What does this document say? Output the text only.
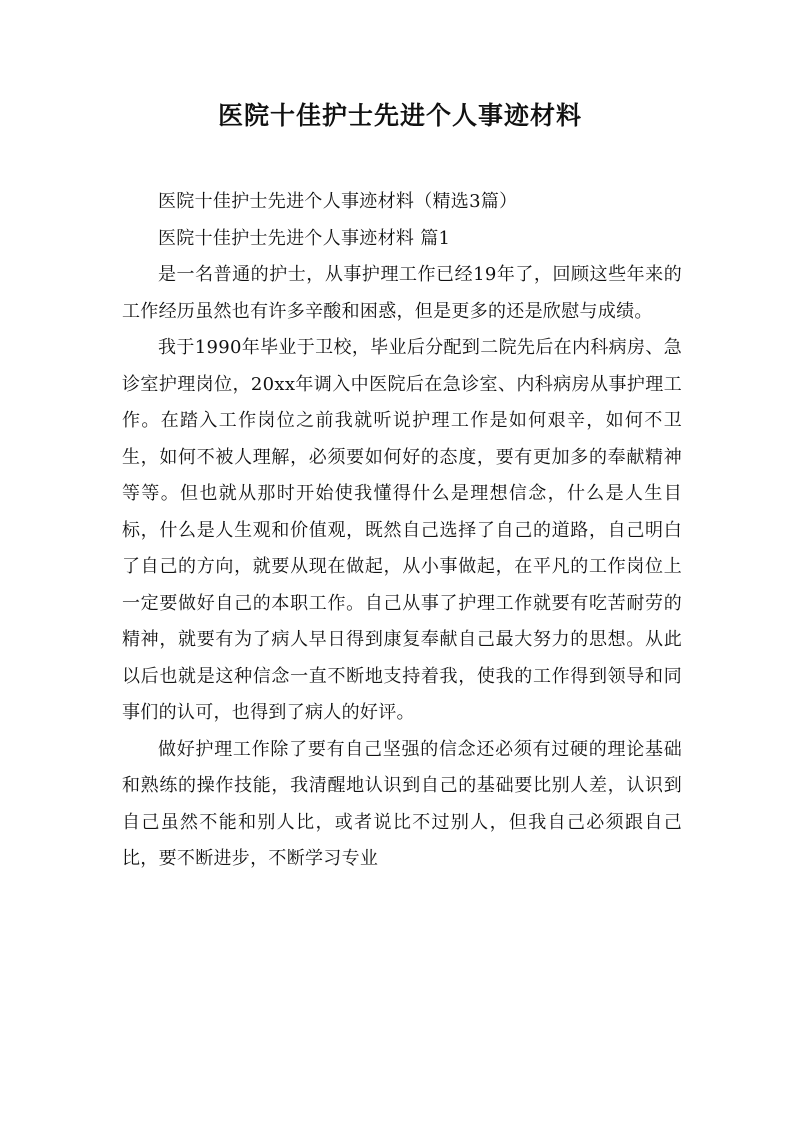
医院十佳护士先进个人事迹材料

医院十佳护士先进个人事迹材料（精选3篇）

医院十佳护士先进个人事迹材料 篇1

是一名普通的护士，从事护理工作已经19年了，回顾这些年来的工作经历虽然也有许多辛酸和困惑，但是更多的还是欣慰与成绩。

我于1990年毕业于卫校，毕业后分配到二院先后在内科病房、急诊室护理岗位，20xx年调入中医院后在急诊室、内科病房从事护理工作。在踏入工作岗位之前我就听说护理工作是如何艰辛，如何不卫生，如何不被人理解，必须要如何好的态度，要有更加多的奉献精神等等。但也就从那时开始使我懂得什么是理想信念，什么是人生目标，什么是人生观和价值观，既然自己选择了自己的道路，自己明白了自己的方向，就要从现在做起，从小事做起，在平凡的工作岗位上一定要做好自己的本职工作。自己从事了护理工作就要有吃苦耐劳的精神，就要有为了病人早日得到康复奉献自己最大努力的思想。从此以后也就是这种信念一直不断地支持着我，使我的工作得到领导和同事们的认可，也得到了病人的好评。

做好护理工作除了要有自己坚强的信念还必须有过硬的理论基础和熟练的操作技能，我清醒地认识到自己的基础要比别人差，认识到自己虽然不能和别人比，或者说比不过别人，但我自己必须跟自己比，要不断进步，不断学习专业
